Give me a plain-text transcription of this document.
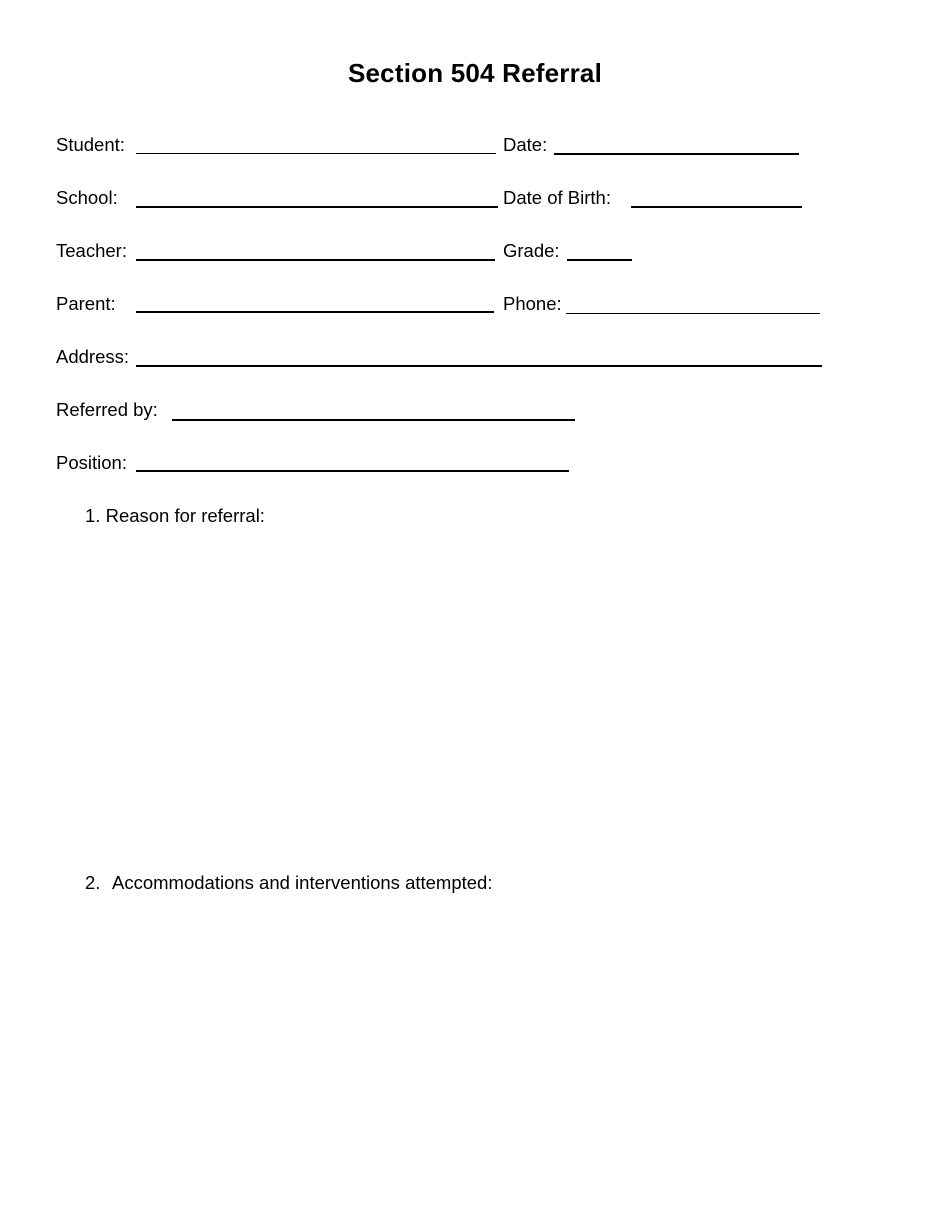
Section 504 Referral
Student:	Date:
School:	Date of Birth:
Teacher:	Grade:
Parent:	Phone:
Address:
Referred by:
Position:
1. Reason for referral:
2. Accommodations and interventions attempted:
